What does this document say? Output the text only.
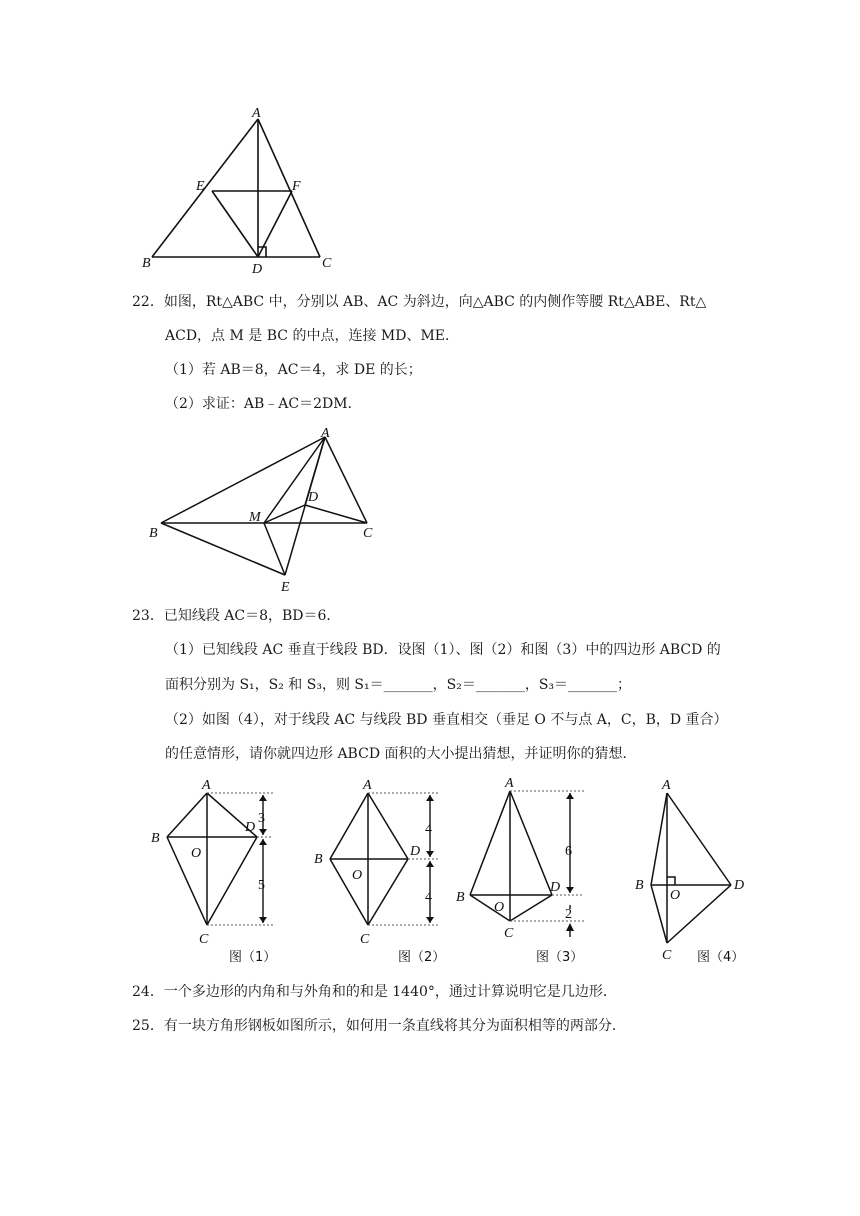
A
E	F
B	D	C
22．如图，Rt△ABC 中，分别以 AB、AC 为斜边，向△ABC 的内侧作等腰 Rt△ABE、Rt△
ACD，点 M 是 BC 的中点，连接 MD、ME．
（1）若 AB＝8，AC＝4，求 DE 的长；
（2）求证：AB﹣AC＝2DM．
A
B	C
D
M
E
23．已知线段 AC＝8，BD＝6．
（1）已知线段 AC 垂直于线段 BD．设图（1）、图（2）和图（3）中的四边形 ABCD 的
面积分别为 S₁，S₂ 和 S₃，则 S₁＝_______，S₂＝_______，S₃＝_______；
（2）如图（4），对于线段 AC 与线段 BD 垂直相交（垂足 O 不与点 A，C，B，D 重合）
的任意情形，请你就四边形 ABCD 面积的大小提出猜想，并证明你的猜想．
A
B
D
O
C
3
5
图（1）
A
B
D
O
C
4
4
图（2）
A
B
D
O
C
6
2
图（3）
A
B	D
O
C 图（4）
24．一个多边形的内角和与外角和的和是 1440°，通过计算说明它是几边形．
25．有一块方角形钢板如图所示，如何用一条直线将其分为面积相等的两部分．
